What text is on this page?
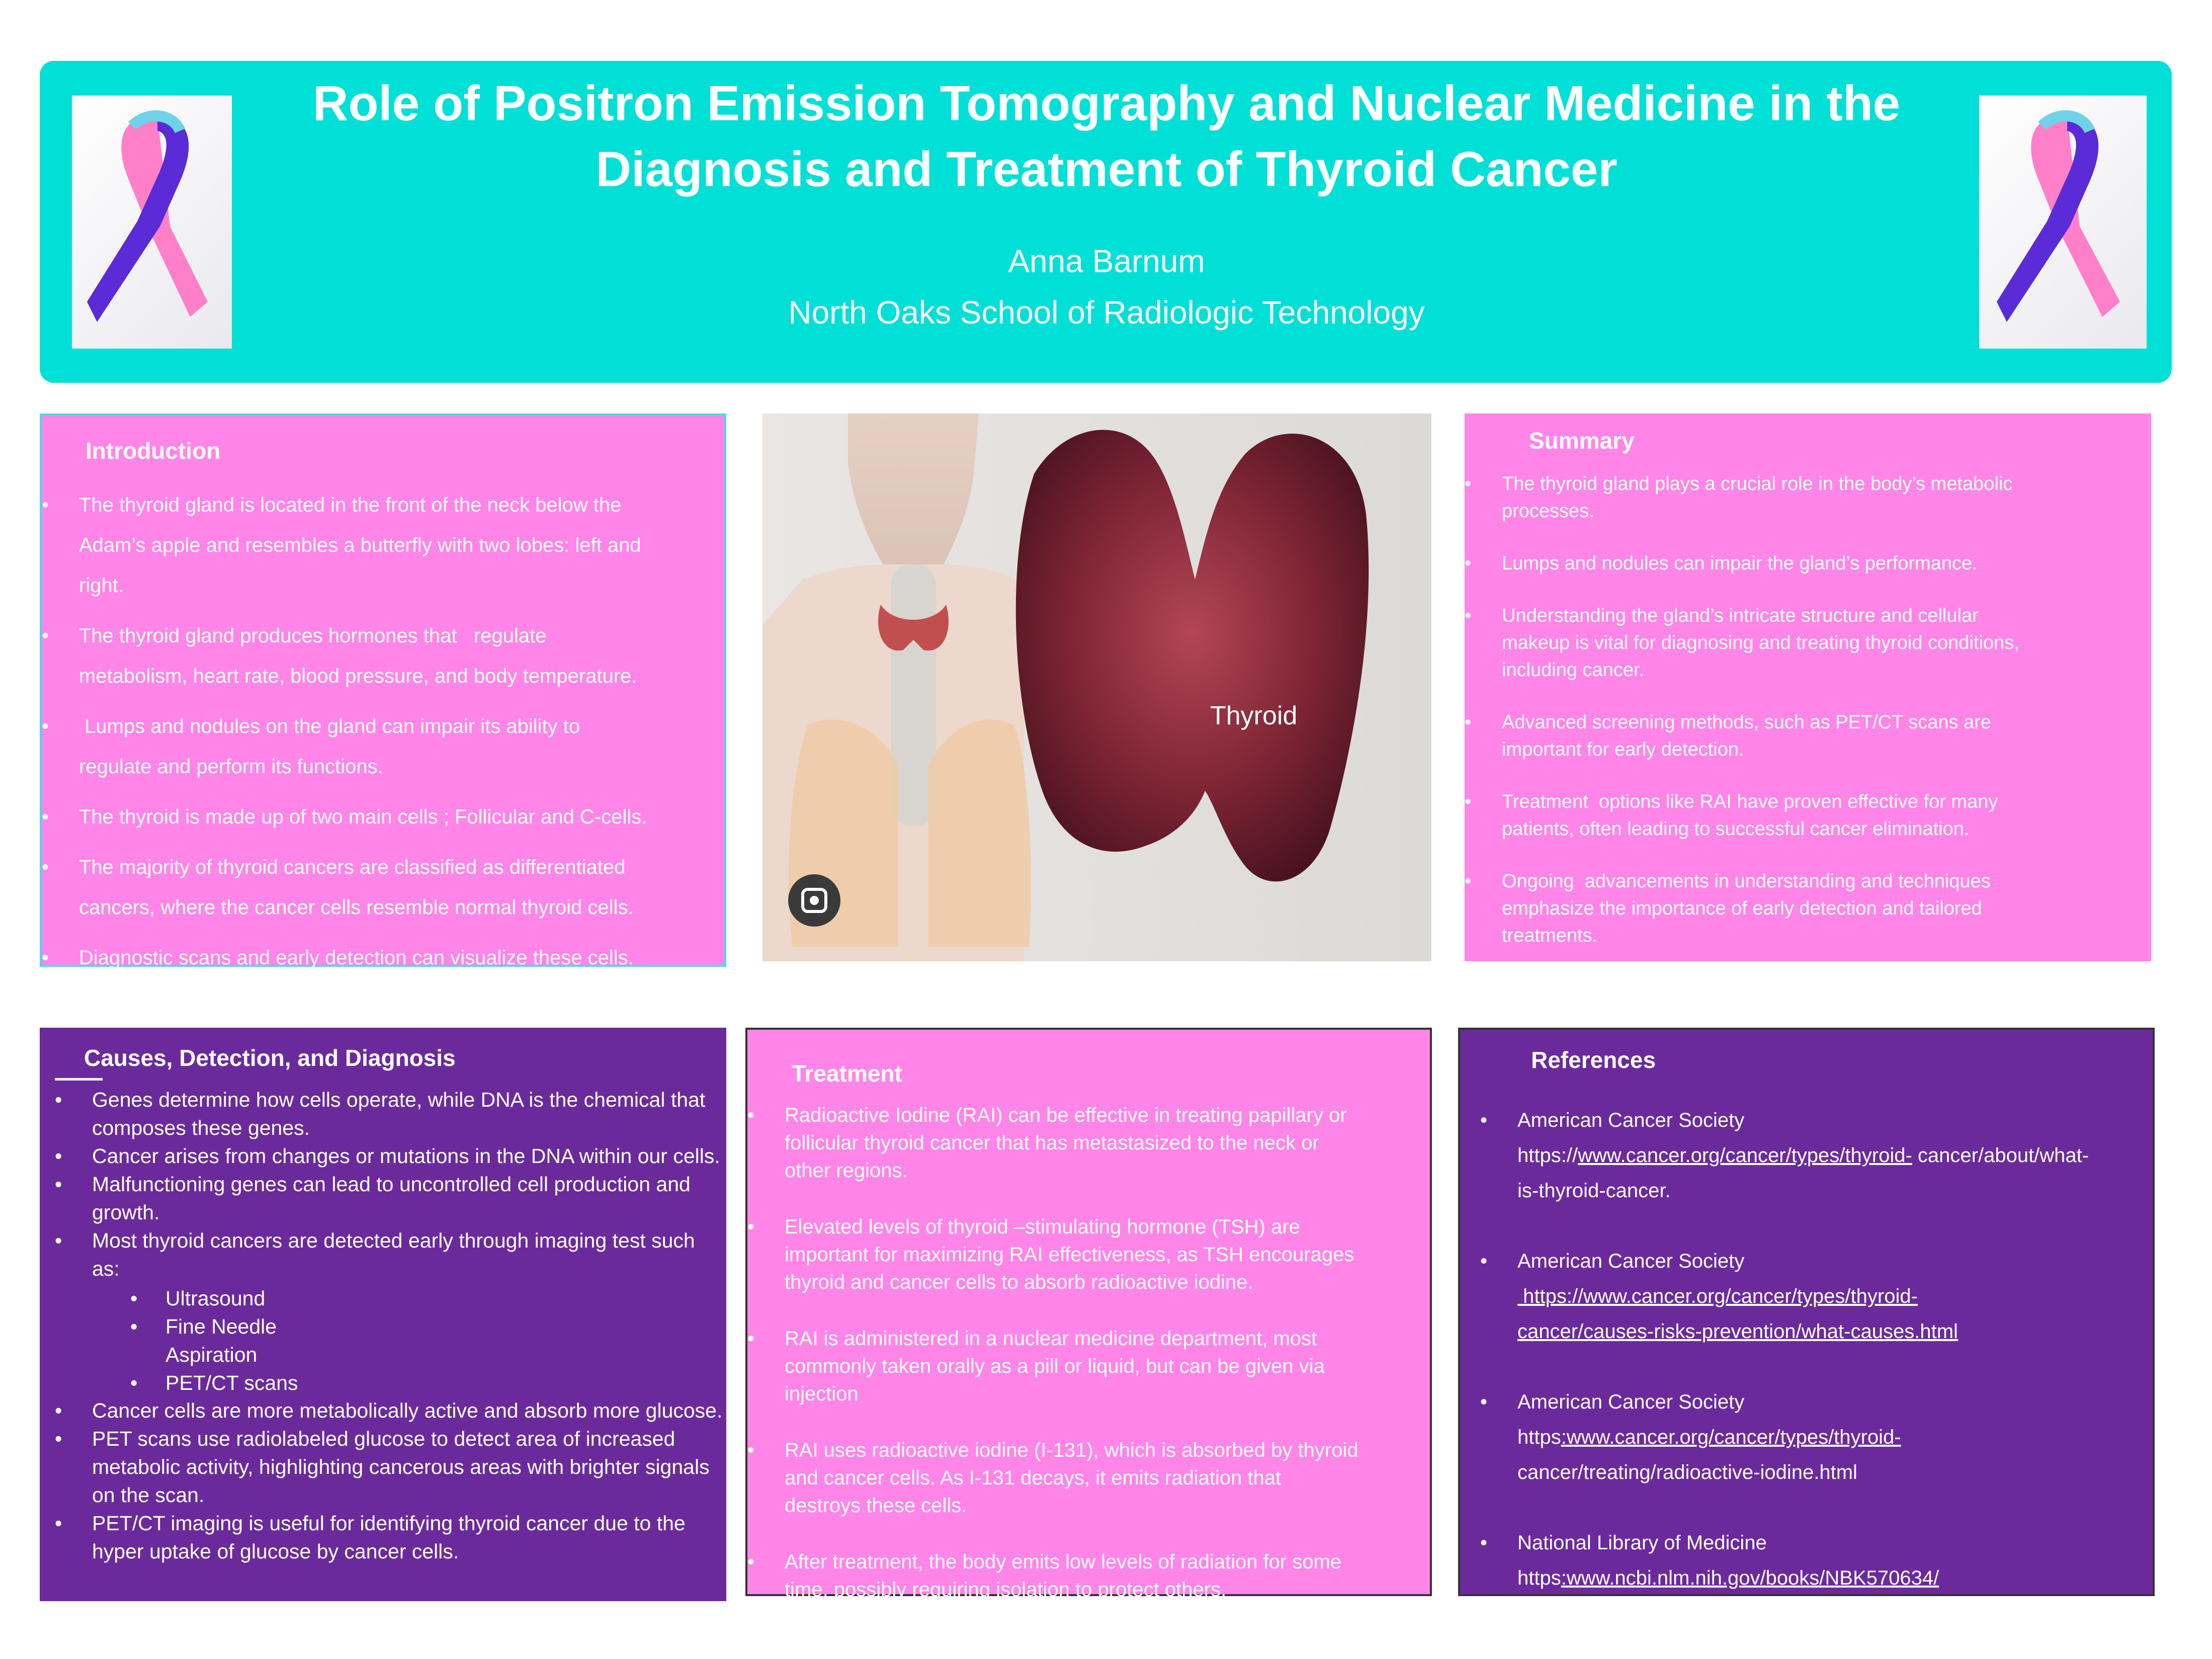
Role of Positron Emission Tomography and Nuclear Medicine in the
Diagnosis and Treatment of Thyroid Cancer
Anna Barnum
North Oaks School of Radiologic Technology
Introduction
• The thyroid gland is located in the front of the neck below the
Adam’s apple and resembles a butterfly with two lobes: left and
right.
• The thyroid gland produces hormones that   regulate
metabolism, heart rate, blood pressure, and body temperature.
•  Lumps and nodules on the gland can impair its ability to
regulate and perform its functions.
• The thyroid is made up of two main cells ; Follicular and C-cells.
• The majority of thyroid cancers are classified as differentiated
cancers, where the cancer cells resemble normal thyroid cells.
• Diagnostic scans and early detection can visualize these cells.
Thyroid
Summary
• The thyroid gland plays a crucial role in the body’s metabolic
processes.
• Lumps and nodules can impair the gland’s performance.
• Understanding the gland’s intricate structure and cellular
makeup is vital for diagnosing and treating thyroid conditions,
including cancer.
• Advanced screening methods, such as PET/CT scans are
important for early detection.
• Treatment  options like RAI have proven effective for many
patients, often leading to successful cancer elimination.
• Ongoing  advancements in understanding and techniques
emphasize the importance of early detection and tailored
treatments.
Causes, Detection, and Diagnosis
• Genes determine how cells operate, while DNA is the chemical that
composes these genes.
• Cancer arises from changes or mutations in the DNA within our cells.
• Malfunctioning genes can lead to uncontrolled cell production and
growth.
• Most thyroid cancers are detected early through imaging test such
as:
• Ultrasound
• Fine Needle
Aspiration
• PET/CT scans
• Cancer cells are more metabolically active and absorb more glucose.
• PET scans use radiolabeled glucose to detect area of increased
metabolic activity, highlighting cancerous areas with brighter signals
on the scan.
• PET/CT imaging is useful for identifying thyroid cancer due to the
hyper uptake of glucose by cancer cells.
Treatment
• Radioactive Iodine (RAI) can be effective in treating papillary or
follicular thyroid cancer that has metastasized to the neck or
other regions.
• Elevated levels of thyroid –stimulating hormone (TSH) are
important for maximizing RAI effectiveness, as TSH encourages
thyroid and cancer cells to absorb radioactive iodine.
• RAI is administered in a nuclear medicine department, most
commonly taken orally as a pill or liquid, but can be given via
injection
• RAI uses radioactive iodine (I-131), which is absorbed by thyroid
and cancer cells. As I-131 decays, it emits radiation that
destroys these cells.
• After treatment, the body emits low levels of radiation for some
time, possibly requiring isolation to protect others.
References
• American Cancer Society
https://www.cancer.org/cancer/types/thyroid- cancer/about/what-
is-thyroid-cancer.
• American Cancer Society
https://www.cancer.org/cancer/types/thyroid-
cancer/causes-risks-prevention/what-causes.html
• American Cancer Society
https:www.cancer.org/cancer/types/thyroid-
cancer/treating/radioactive-iodine.html
• National Library of Medicine
https:www.ncbi.nlm.nih.gov/books/NBK570634/
